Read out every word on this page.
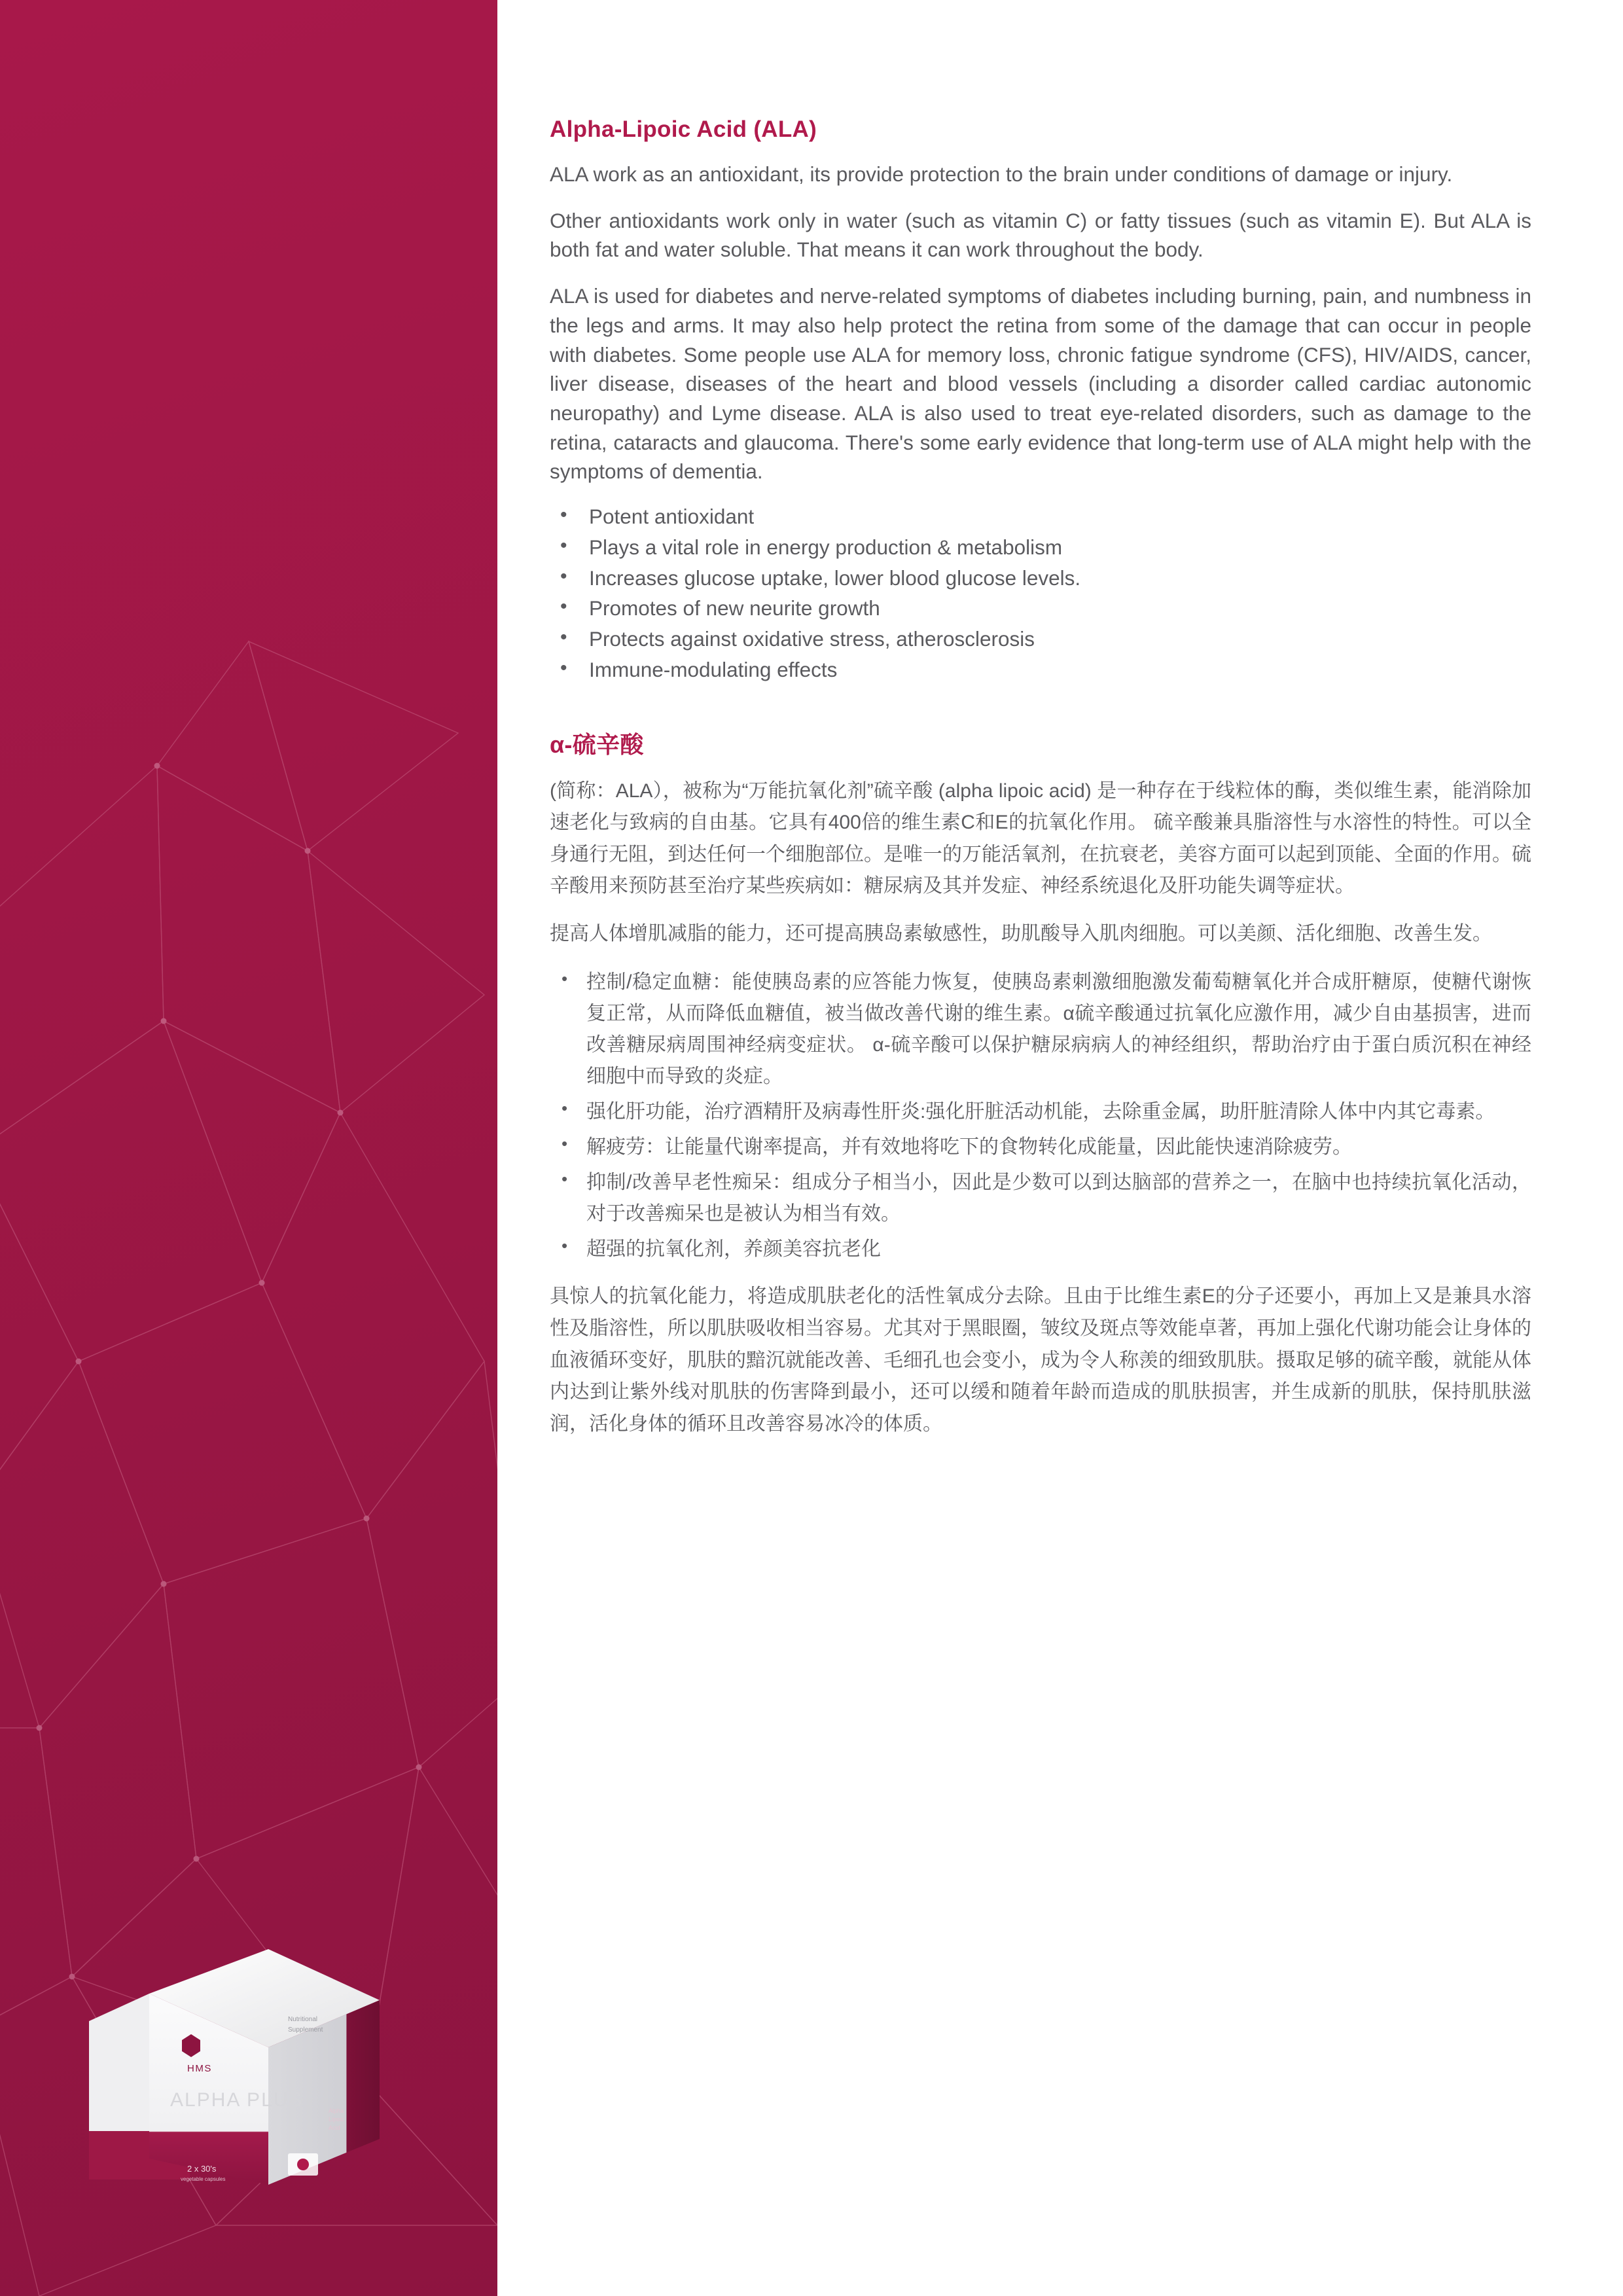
HMS
ALPHA PLUS
Nutritional
Supplement
Alpha
Lipoic
Acid
2 x 30's
vegetable capsules
Alpha-Lipoic Acid (ALA)

ALA work as an antioxidant, its provide protection to the brain under conditions of damage or injury.

Other antioxidants work only in water (such as vitamin C) or fatty tissues (such as vitamin E). But ALA is both fat and water soluble. That means it can work throughout the body.

ALA is used for diabetes and nerve-related symptoms of diabetes including burning, pain, and numbness in the legs and arms. It may also help protect the retina from some of the damage that can occur in people with diabetes. Some people use ALA for memory loss, chronic fatigue syndrome (CFS), HIV/AIDS, cancer, liver disease, diseases of the heart and blood vessels (including a disorder called cardiac autonomic neuropathy) and Lyme disease. ALA is also used to treat eye-related disorders, such as damage to the retina, cataracts and glaucoma. There's some early evidence that long-term use of ALA might help with the symptoms of dementia.

• Potent antioxidant
• Plays a vital role in energy production & metabolism
• Increases glucose uptake, lower blood glucose levels.
• Promotes of new neurite growth
• Protects against oxidative stress, atherosclerosis
• Immune-modulating effects
α-硫辛酸

(简称：ALA），被称为“万能抗氧化剂”硫辛酸 (alpha lipoic acid) 是一种存在于线粒体的酶，类似维生素，能消除加速老化与致病的自由基。它具有400倍的维生素C和E的抗氧化作用。 硫辛酸兼具脂溶性与水溶性的特性。可以全身通行无阻，到达任何一个细胞部位。是唯一的万能活氧剂，在抗衰老，美容方面可以起到顶能、全面的作用。硫辛酸用来预防甚至治疗某些疾病如：糖尿病及其并发症、神经系统退化及肝功能失调等症状。

提高人体增肌减脂的能力，还可提高胰岛素敏感性，助肌酸导入肌肉细胞。可以美颜、活化细胞、改善生发。

• 控制/稳定血糖：能使胰岛素的应答能力恢复，使胰岛素刺激细胞激发葡萄糖氧化并合成肝糖原，使糖代谢恢复正常，从而降低血糖值，被当做改善代谢的维生素。α硫辛酸通过抗氧化应激作用，减少自由基损害，进而改善糖尿病周围神经病变症状。 α-硫辛酸可以保护糖尿病病人的神经组织，帮助治疗由于蛋白质沉积在神经细胞中而导致的炎症。
• 强化肝功能，治疗酒精肝及病毒性肝炎:强化肝脏活动机能，去除重金属，助肝脏清除人体中内其它毒素。
• 解疲劳：让能量代谢率提高，并有效地将吃下的食物转化成能量，因此能快速消除疲劳。
• 抑制/改善早老性痴呆：组成分子相当小，因此是少数可以到达脑部的营养之一，在脑中也持续抗氧化活动，对于改善痴呆也是被认为相当有效。
• 超强的抗氧化剂，养颜美容抗老化

具惊人的抗氧化能力，将造成肌肤老化的活性氧成分去除。且由于比维生素E的分子还要小，再加上又是兼具水溶性及脂溶性，所以肌肤吸收相当容易。尤其对于黑眼圈，皱纹及斑点等效能卓著，再加上强化代谢功能会让身体的血液循环变好，肌肤的黯沉就能改善、毛细孔也会变小，成为令人称羡的细致肌肤。摄取足够的硫辛酸，就能从体内达到让紫外线对肌肤的伤害降到最小，还可以缓和随着年龄而造成的肌肤损害，并生成新的肌肤，保持肌肤滋润，活化身体的循环且改善容易冰冷的体质。
